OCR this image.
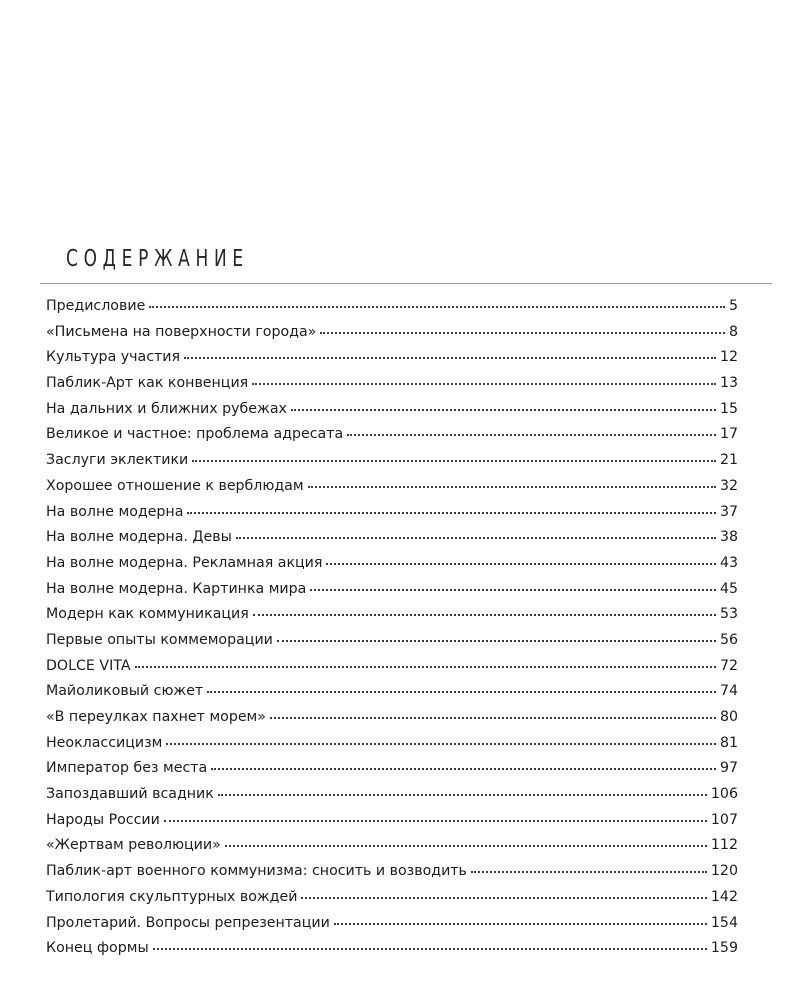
СОДЕРЖАНИЕ
Предисловие	5
«Письмена на поверхности города»	8
Культура участия	12
Паблик-Арт как конвенция	13
На дальних и ближних рубежах	15
Великое и частное: проблема адресата	17
Заслуги эклектики	21
Хорошее отношение к верблюдам	32
На волне модерна	37
На волне модерна. Девы	38
На волне модерна. Рекламная акция	43
На волне модерна. Картинка мира	45
Модерн как коммуникация	53
Первые опыты коммеморации	56
DOLCE VITA	72
Майоликовый сюжет	74
«В переулках пахнет морем»	80
Неоклассицизм	81
Император без места	97
Запоздавший всадник	106
Народы России	107
«Жертвам революции»	112
Паблик-арт военного коммунизма: сносить и возводить	120
Типология скульптурных вождей	142
Пролетарий. Вопросы репрезентации	154
Конец формы	159
